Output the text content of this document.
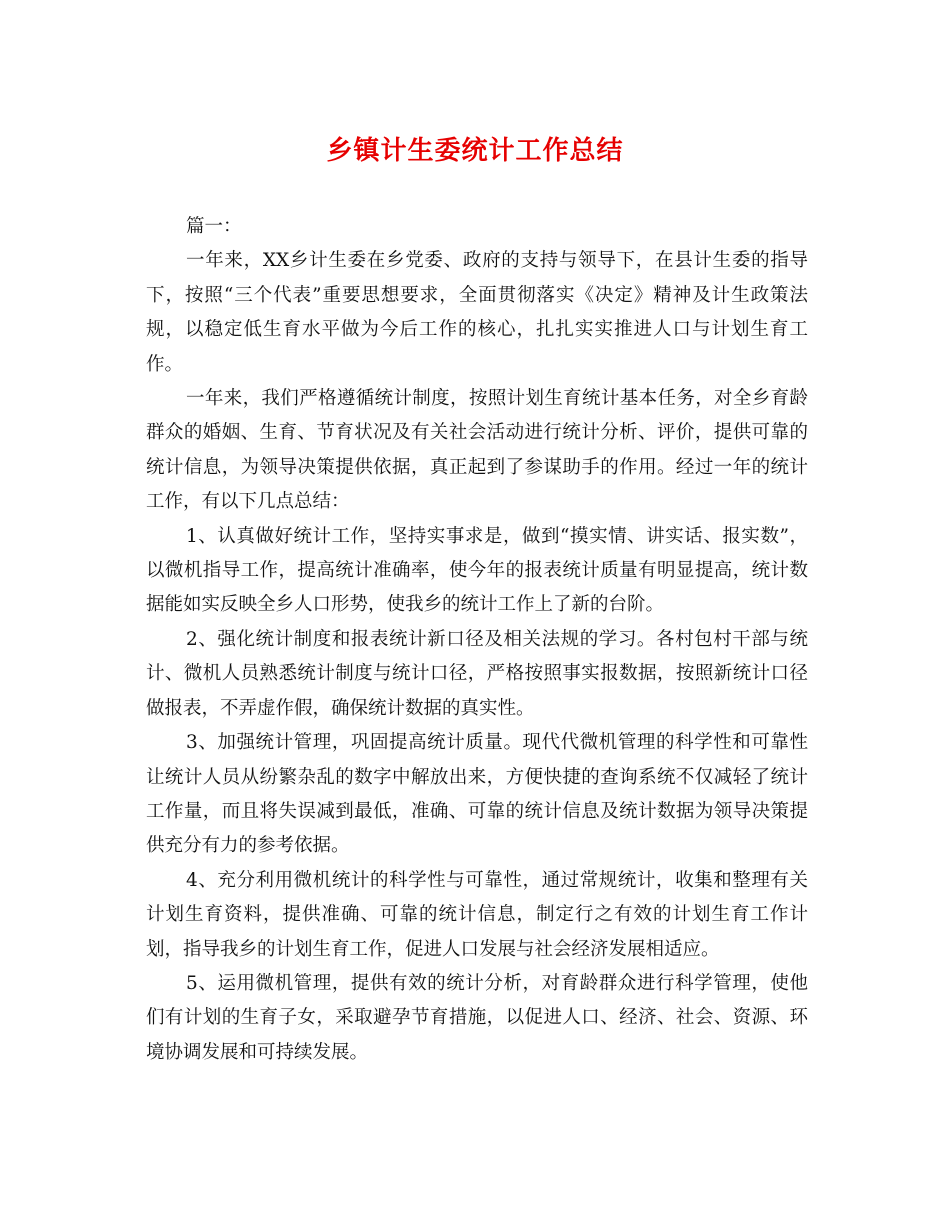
乡镇计生委统计工作总结

篇一：

一年来，XX乡计生委在乡党委、政府的支持与领导下，在县计生委的指导下，按照“三个代表”重要思想要求，全面贯彻落实《决定》精神及计生政策法规，以稳定低生育水平做为今后工作的核心，扎扎实实推进人口与计划生育工作。

一年来，我们严格遵循统计制度，按照计划生育统计基本任务，对全乡育龄群众的婚姻、生育、节育状况及有关社会活动进行统计分析、评价，提供可靠的统计信息，为领导决策提供依据，真正起到了参谋助手的作用。经过一年的统计工作，有以下几点总结：

1、认真做好统计工作，坚持实事求是，做到“摸实情、讲实话、报实数”，以微机指导工作，提高统计准确率，使今年的报表统计质量有明显提高，统计数据能如实反映全乡人口形势，使我乡的统计工作上了新的台阶。

2、强化统计制度和报表统计新口径及相关法规的学习。各村包村干部与统计、微机人员熟悉统计制度与统计口径，严格按照事实报数据，按照新统计口径做报表，不弄虚作假，确保统计数据的真实性。

3、加强统计管理，巩固提高统计质量。现代代微机管理的科学性和可靠性让统计人员从纷繁杂乱的数字中解放出来，方便快捷的查询系统不仅减轻了统计工作量，而且将失误减到最低，准确、可靠的统计信息及统计数据为领导决策提供充分有力的参考依据。

4、充分利用微机统计的科学性与可靠性，通过常规统计，收集和整理有关计划生育资料，提供准确、可靠的统计信息，制定行之有效的计划生育工作计划，指导我乡的计划生育工作，促进人口发展与社会经济发展相适应。

5、运用微机管理，提供有效的统计分析，对育龄群众进行科学管理，使他们有计划的生育子女，采取避孕节育措施，以促进人口、经济、社会、资源、环境协调发展和可持续发展。
